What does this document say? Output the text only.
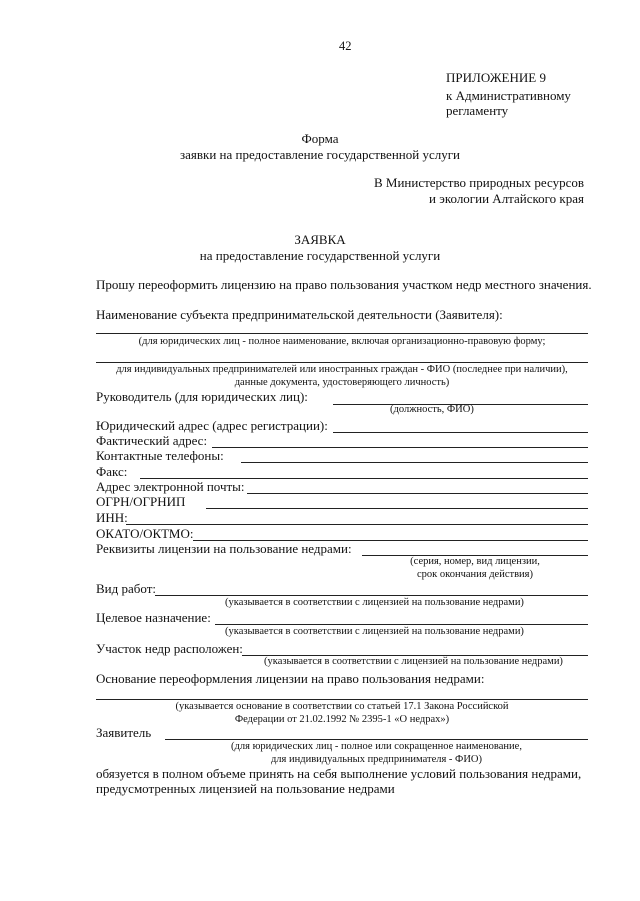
42
ПРИЛОЖЕНИЕ 9
к Административному
регламенту
Форма
заявки на предоставление государственной услуги
В Министерство природных ресурсов
и экологии Алтайского края
ЗАЯВКА
на предоставление государственной услуги
Прошу переоформить лицензию на право пользования участком недр местного значения.
Наименование субъекта предпринимательской деятельности (Заявителя):
(для юридических лиц - полное наименование, включая организационно-правовую форму;
для индивидуальных предпринимателей или иностранных граждан - ФИО (последнее при наличии),
данные документа, удостоверяющего личность)
Руководитель (для юридических лиц):
(должность, ФИО)
Юридический адрес (адрес регистрации):
Фактический адрес:
Контактные телефоны:
Факс:
Адрес электронной почты:
ОГРН/ОГРНИП
ИНН:
ОКАТО/ОКТМО:
Реквизиты лицензии на пользование недрами:
(серия, номер, вид лицензии,
срок окончания действия)
Вид работ:
(указывается в соответствии с лицензией на пользование недрами)
Целевое назначение:
(указывается в соответствии с лицензией на пользование недрами)
Участок недр расположен:
(указывается в соответствии с лицензией на пользование недрами)
Основание переоформления лицензии на право пользования недрами:
(указывается основание в соответствии со статьей 17.1 Закона Российской
Федерации от 21.02.1992 № 2395-1 «О недрах»)
Заявитель
(для юридических лиц - полное или сокращенное наименование,
для индивидуальных предпринимателя - ФИО)
обязуется в полном объеме принять на себя выполнение условий пользования недрами,
предусмотренных лицензией на пользование недрами
